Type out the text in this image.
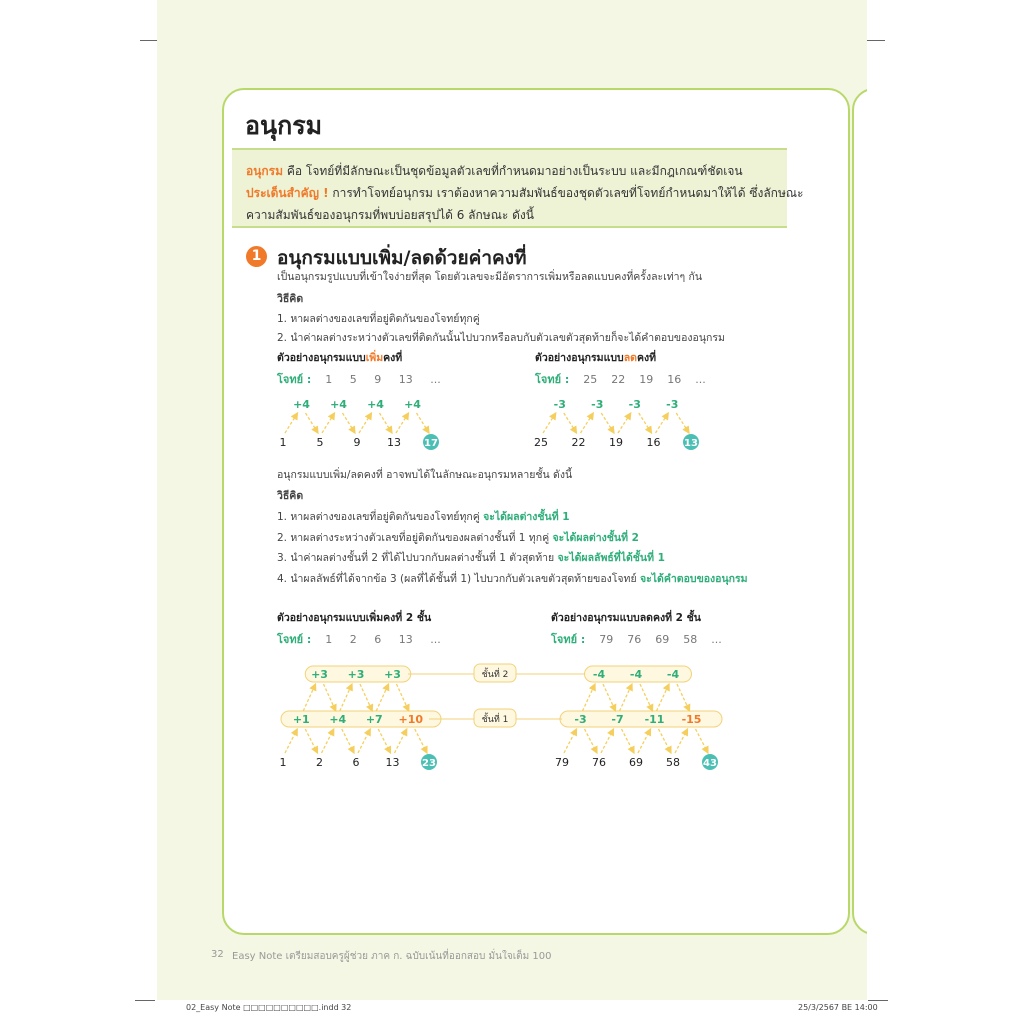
อนุกรม
อนุกรม คือ โจทย์ที่มีลักษณะเป็นชุดข้อมูลตัวเลขที่กำหนดมาอย่างเป็นระบบ และมีกฎเกณฑ์ชัดเจน
ประเด็นสำคัญ ! การทำโจทย์อนุกรม เราต้องหาความสัมพันธ์ของชุดตัวเลขที่โจทย์กำหนดมาให้ได้ ซึ่งลักษณะ
ความสัมพันธ์ของอนุกรมที่พบบ่อยสรุปได้ 6 ลักษณะ ดังนี้
1 อนุกรมแบบเพิ่ม/ลดด้วยค่าคงที่
เป็นอนุกรมรูปแบบที่เข้าใจง่ายที่สุด โดยตัวเลขจะมีอัตราการเพิ่มหรือลดแบบคงที่ครั้งละเท่าๆ กัน
วิธีคิด
1. หาผลต่างของเลขที่อยู่ติดกันของโจทย์ทุกคู่
2. นำค่าผลต่างระหว่างตัวเลขที่ติดกันนั้นไปบวกหรือลบกับตัวเลขตัวสุดท้ายก็จะได้คำตอบของอนุกรม
ตัวอย่างอนุกรมแบบเพิ่มคงที่	ตัวอย่างอนุกรมแบบลดคงที่
โจทย์ : 1     5     9     13     ...	โจทย์ : 25    22    19    16    ...
อนุกรมแบบเพิ่ม/ลดคงที่ อาจพบได้ในลักษณะอนุกรมหลายชั้น ดังนี้
วิธีคิด
1. หาผลต่างของเลขที่อยู่ติดกันของโจทย์ทุกคู่ จะได้ผลต่างชั้นที่ 1
2. หาผลต่างระหว่างตัวเลขที่อยู่ติดกันของผลต่างชั้นที่ 1 ทุกคู่ จะได้ผลต่างชั้นที่ 2
3. นำค่าผลต่างชั้นที่ 2 ที่ได้ไปบวกกับผลต่างชั้นที่ 1 ตัวสุดท้าย จะได้ผลลัพธ์ที่ได้ชั้นที่ 1
4. นำผลลัพธ์ที่ได้จากข้อ 3 (ผลที่ได้ชั้นที่ 1) ไปบวกกับตัวเลขตัวสุดท้ายของโจทย์ จะได้คำตอบของอนุกรม
ตัวอย่างอนุกรมแบบเพิ่มคงที่ 2 ชั้น	ตัวอย่างอนุกรมแบบลดคงที่ 2 ชั้น
โจทย์ : 1     2     6     13     ...	โจทย์ : 79    76    69    58    ...
1	5	9 13 17
+4 +4 +4 +4
25 22 19 16 13
-3 -3 -3 -3
1	2	6 13 23
+1 +4 +7 +10
+3 +3 +3
79 76 69 58 43
-3 -7 -11 -15
-4 -4 -4
ชั้นที่ 2
ชั้นที่ 1
32 Easy Note เตรียมสอบครูผู้ช่วย ภาค ก. ฉบับเน้นที่ออกสอบ มั่นใจเต็ม 100
02_Easy Note □□□□□□□□□□.indd 32	25/3/2567 BE 14:00
